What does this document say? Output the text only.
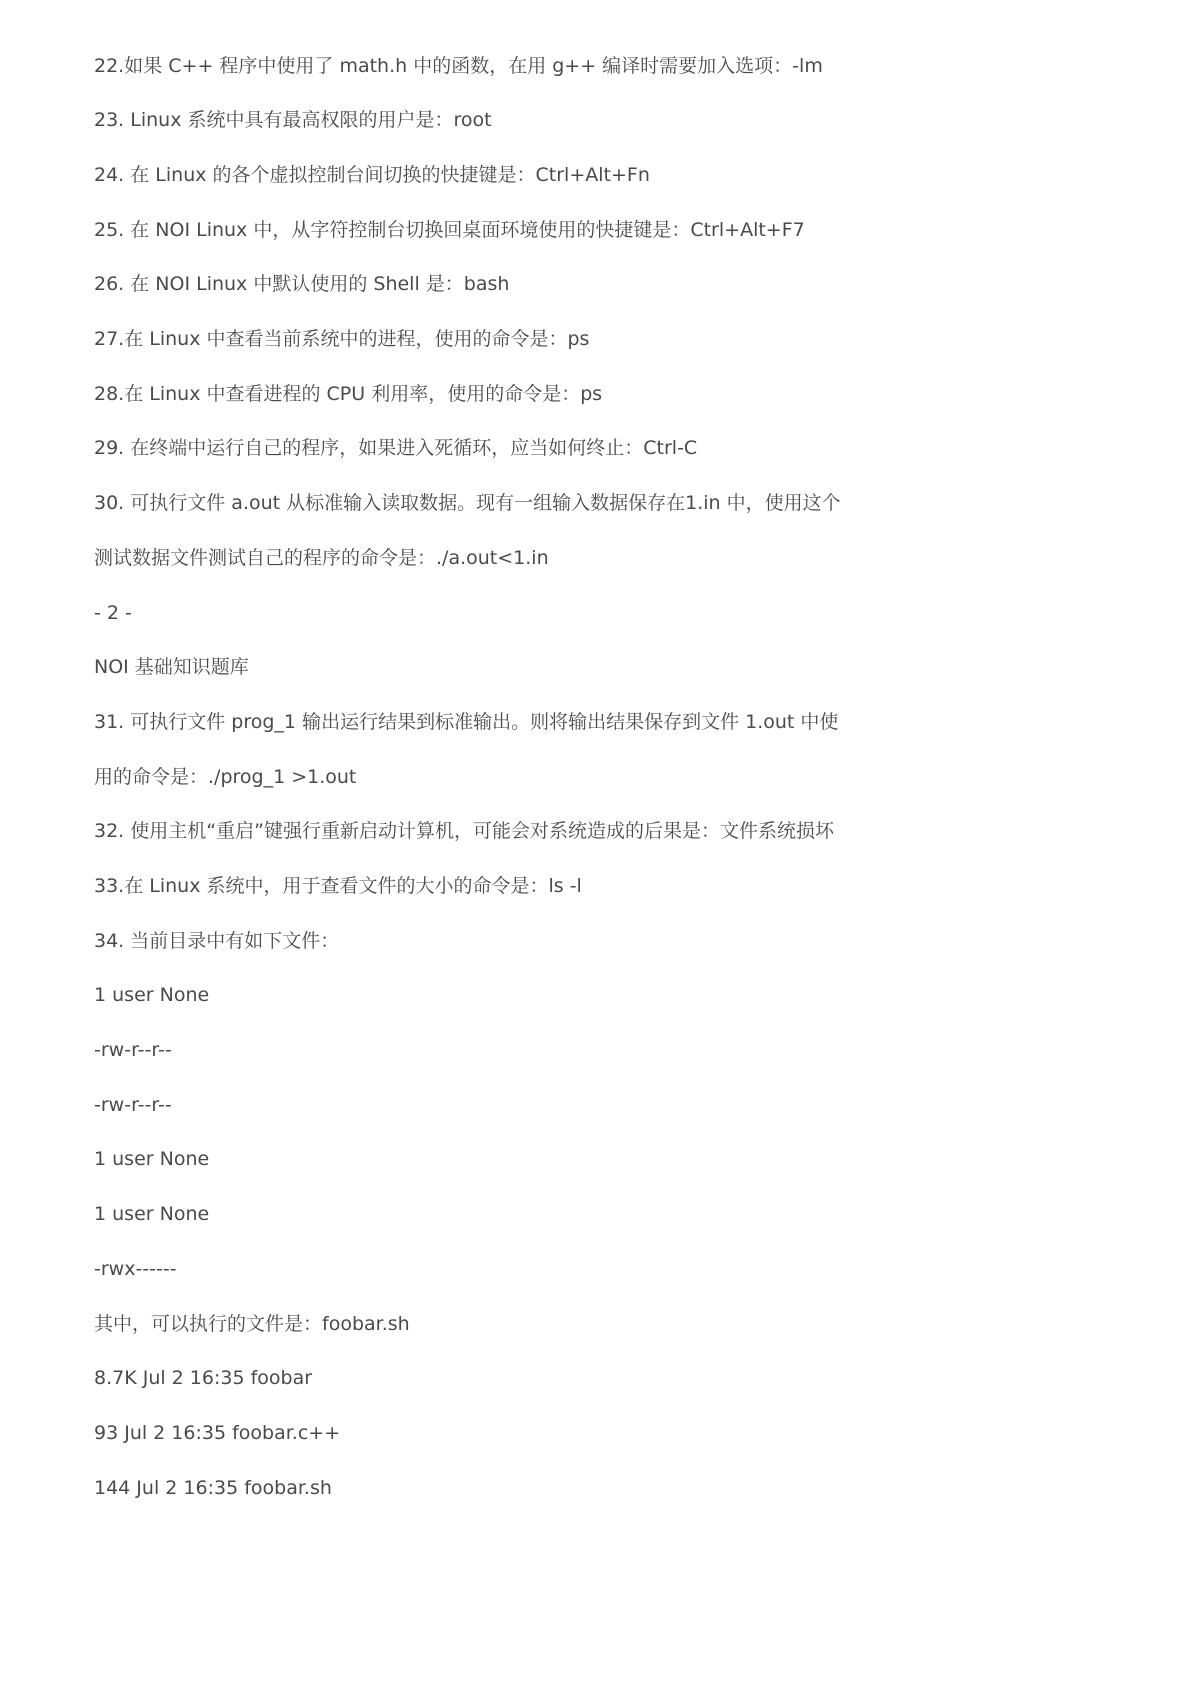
22.如果 C++ 程序中使用了 math.h 中的函数，在用 g++ 编译时需要加入选项：-lm

23. Linux 系统中具有最高权限的用户是：root

24. 在 Linux 的各个虚拟控制台间切换的快捷键是：Ctrl+Alt+Fn

25. 在 NOI Linux 中，从字符控制台切换回桌面环境使用的快捷键是：Ctrl+Alt+F7

26. 在 NOI Linux 中默认使用的 Shell 是：bash

27.在 Linux 中查看当前系统中的进程，使用的命令是：ps

28.在 Linux 中查看进程的 CPU 利用率，使用的命令是：ps

29. 在终端中运行自己的程序，如果进入死循环，应当如何终止：Ctrl-C

30. 可执行文件 a.out 从标准输入读取数据。现有一组输入数据保存在1.in 中，使用这个

测试数据文件测试自己的程序的命令是：./a.out<1.in

- 2 -

NOI 基础知识题库

31. 可执行文件 prog_1 输出运行结果到标准输出。则将输出结果保存到文件 1.out 中使

用的命令是：./prog_1 >1.out

32. 使用主机“重启”键强行重新启动计算机，可能会对系统造成的后果是：文件系统损坏

33.在 Linux 系统中，用于查看文件的大小的命令是：ls -l

34. 当前目录中有如下文件：

1 user None

-rw-r--r--

-rw-r--r--

1 user None

1 user None

-rwx------

其中，可以执行的文件是：foobar.sh

8.7K Jul 2 16:35 foobar

93 Jul 2 16:35 foobar.c++

144 Jul 2 16:35 foobar.sh
